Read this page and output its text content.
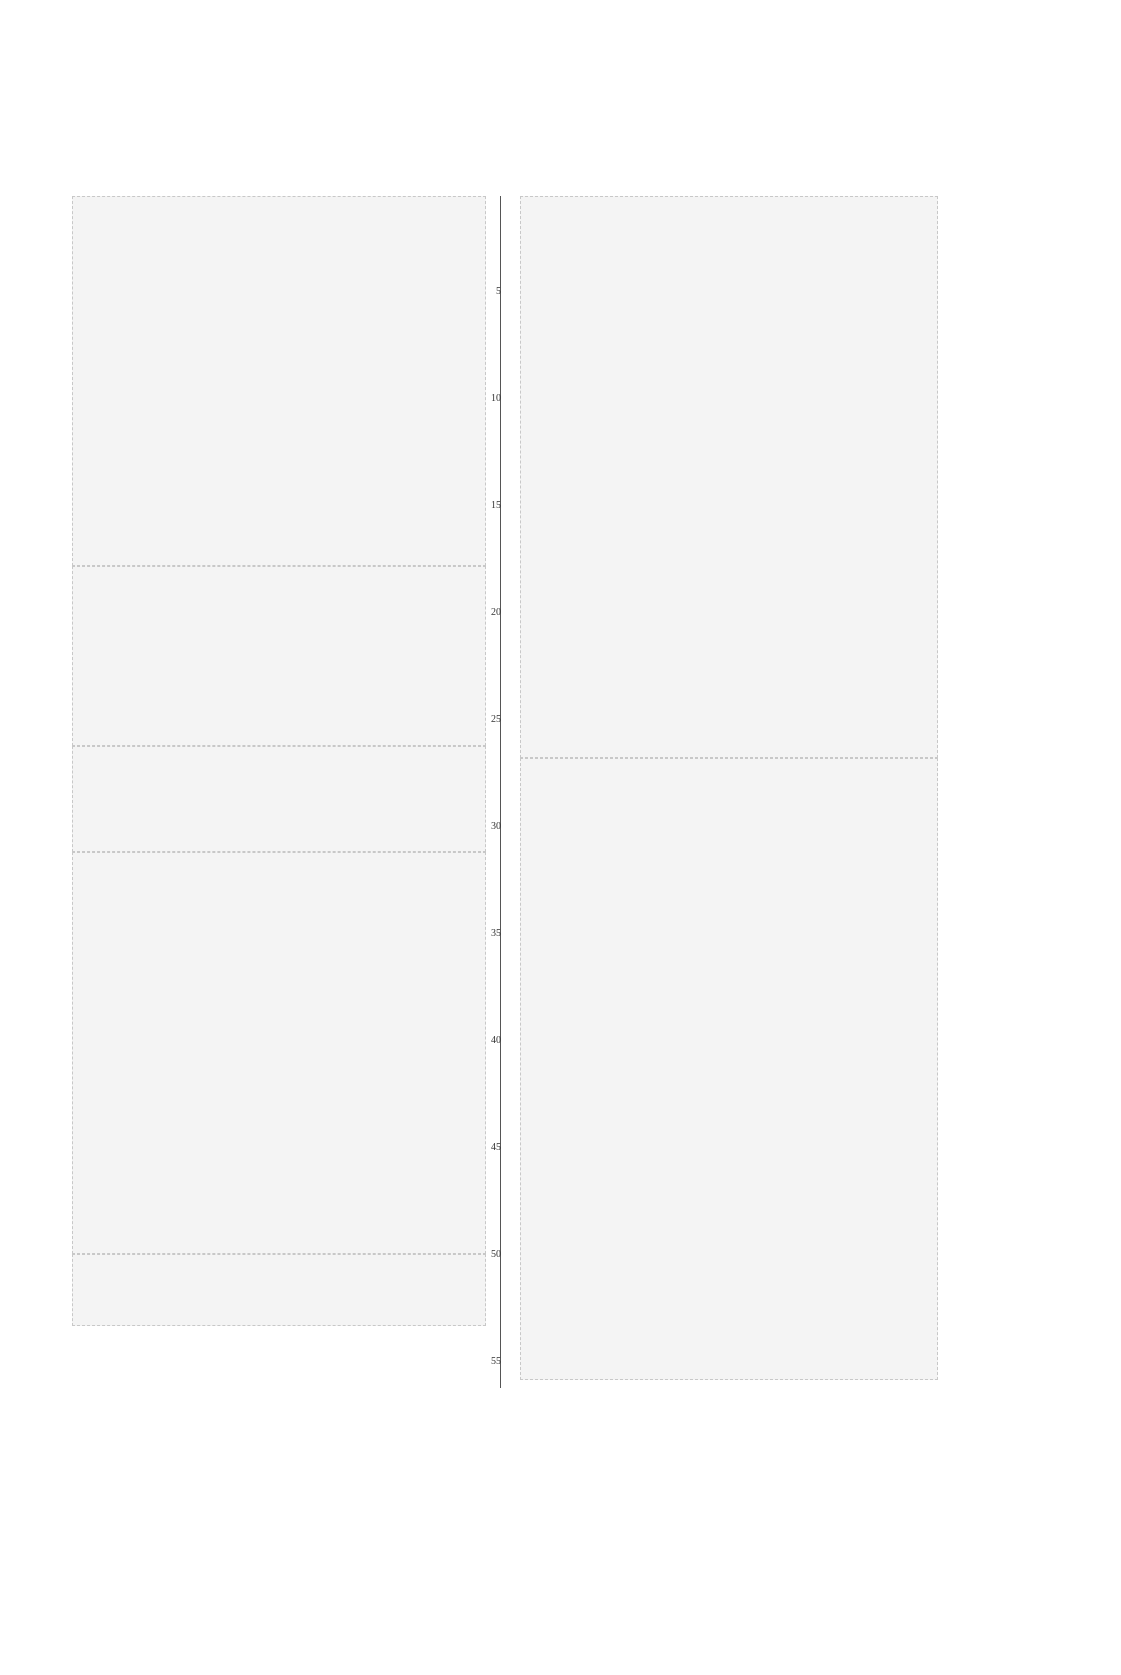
5
10
15
20
25
30
35
40
45
50
55
